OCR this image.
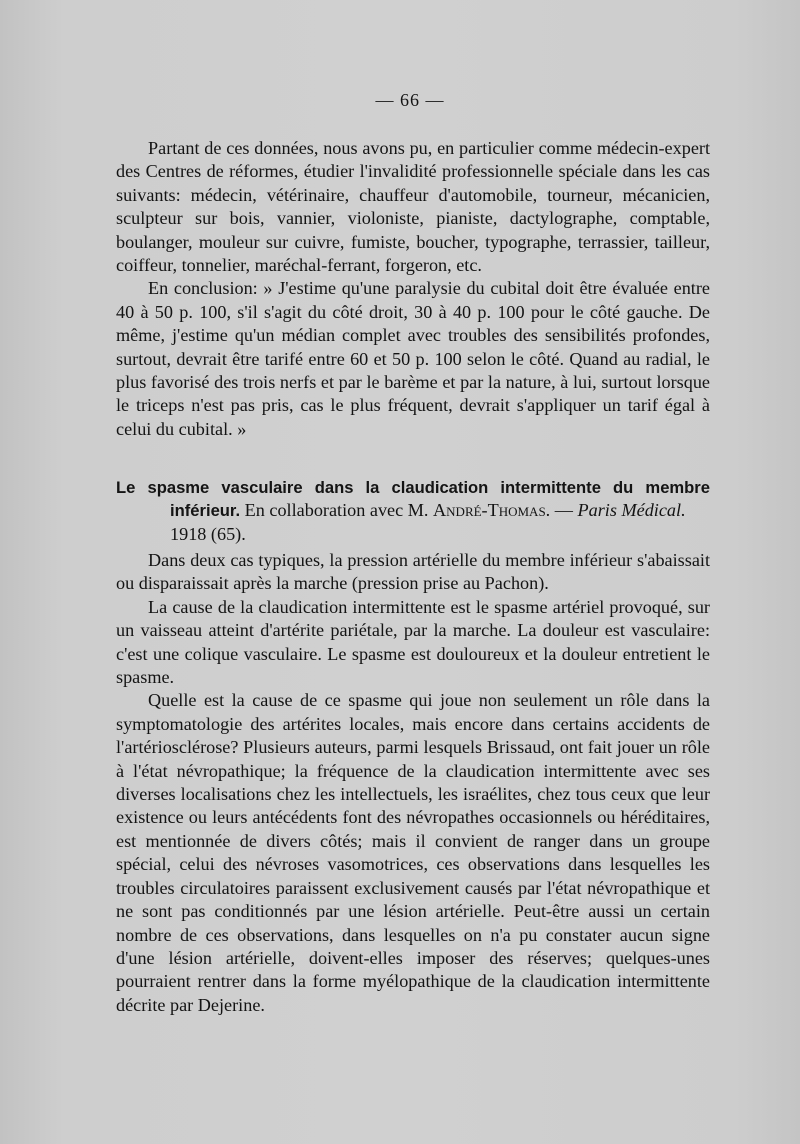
— 66 —

Partant de ces données, nous avons pu, en particulier comme médecin-expert des Centres de réformes, étudier l'invalidité professionnelle spéciale dans les cas suivants: médecin, vétérinaire, chauffeur d'automobile, tourneur, mécanicien, sculpteur sur bois, vannier, violoniste, pianiste, dactylographe, comptable, boulanger, mouleur sur cuivre, fumiste, boucher, typographe, terrassier, tailleur, coiffeur, tonnelier, maréchal-ferrant, forgeron, etc.

En conclusion: » J'estime qu'une paralysie du cubital doit être évaluée entre 40 à 50 p. 100, s'il s'agit du côté droit, 30 à 40 p. 100 pour le côté gauche. De même, j'estime qu'un médian complet avec troubles des sensibilités profondes, surtout, devrait être tarifé entre 60 et 50 p. 100 selon le côté. Quand au radial, le plus favorisé des trois nerfs et par le barème et par la nature, à lui, surtout lorsque le triceps n'est pas pris, cas le plus fréquent, devrait s'appliquer un tarif égal à celui du cubital. »

Le spasme vasculaire dans la claudication intermittente du membre inférieur. En collaboration avec M. André-Thomas. — Paris Médical.
1918 (65).

Dans deux cas typiques, la pression artérielle du membre inférieur s'abaissait ou disparaissait après la marche (pression prise au Pachon).

La cause de la claudication intermittente est le spasme artériel provoqué, sur un vaisseau atteint d'artérite pariétale, par la marche. La douleur est vasculaire: c'est une colique vasculaire. Le spasme est douloureux et la douleur entretient le spasme.

Quelle est la cause de ce spasme qui joue non seulement un rôle dans la symptomatologie des artérites locales, mais encore dans certains accidents de l'artériosclérose? Plusieurs auteurs, parmi lesquels Brissaud, ont fait jouer un rôle à l'état névropathique; la fréquence de la claudication intermittente avec ses diverses localisations chez les intellectuels, les israélites, chez tous ceux que leur existence ou leurs antécédents font des névropathes occasionnels ou héréditaires, est mentionnée de divers côtés; mais il convient de ranger dans un groupe spécial, celui des névroses vasomotrices, ces observations dans lesquelles les troubles circulatoires paraissent exclusivement causés par l'état névropathique et ne sont pas conditionnés par une lésion artérielle. Peut-être aussi un certain nombre de ces observations, dans lesquelles on n'a pu constater aucun signe d'une lésion artérielle, doivent-elles imposer des réserves; quelques-unes pourraient rentrer dans la forme myélopathique de la claudication intermittente décrite par Dejerine.
